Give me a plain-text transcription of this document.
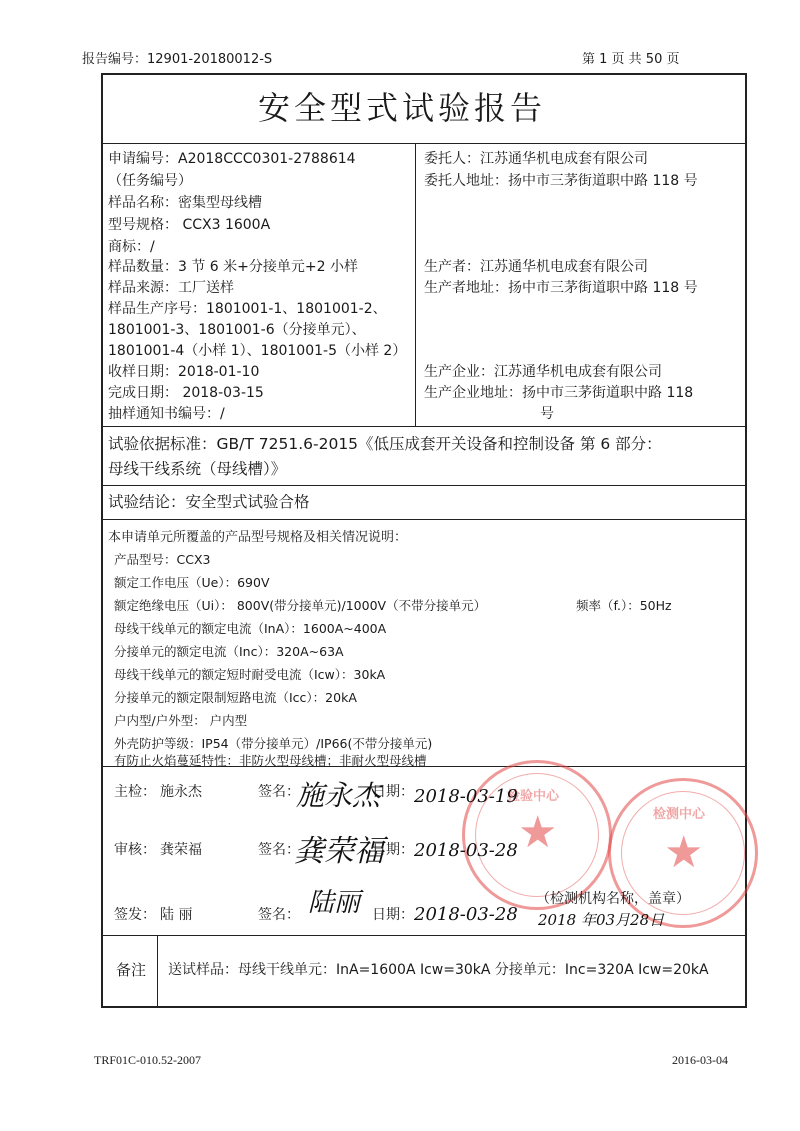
报告编号：12901-20180012-S	第 1 页 共 50 页
安全型式试验报告
申请编号：A2018CCC0301-2788614
（任务编号）
样品名称：密集型母线槽
型号规格： CCX3 1600A
商标：/
样品数量：3 节 6 米+分接单元+2 小样
样品来源：工厂送样
样品生产序号：1801001-1、1801001-2、
1801001-3、1801001-6（分接单元）、
1801001-4（小样 1）、1801001-5（小样 2）
收样日期：2018-01-10
完成日期： 2018-03-15
抽样通知书编号：/
委托人：江苏通华机电成套有限公司
委托人地址：扬中市三茅街道职中路 118 号
生产者：江苏通华机电成套有限公司
生产者地址：扬中市三茅街道职中路 118 号
生产企业：江苏通华机电成套有限公司
生产企业地址：扬中市三茅街道职中路 118
号
试验依据标准：GB/T 7251.6-2015《低压成套开关设备和控制设备 第 6 部分：
母线干线系统（母线槽）》
试验结论：安全型式试验合格
本申请单元所覆盖的产品型号规格及相关情况说明：
产品型号：CCX3
额定工作电压（Ue）：690V
额定绝缘电压（Ui）： 800V(带分接单元)/1000V（不带分接单元）	频率（f.）：50Hz
母线干线单元的额定电流（InA）：1600A~400A
分接单元的额定电流（Inc）：320A~63A
母线干线单元的额定短时耐受电流（Icw）：30kA
分接单元的额定限制短路电流（Icc）：20kA
户内型/户外型： 户内型
外壳防护等级：IP54（带分接单元）/IP66(不带分接单元)
有防止火焰蔓延特性：非防火型母线槽；非耐火型母线槽
★
检验中心
★
检测中心
主检： 施永杰	签名：
施永杰
日期： 2018-03-19
审核： 龚荣福	签名：
龚荣福
日期： 2018-03-28
签发： 陆 丽	签名： 陆丽 日期： 2018-03-28
（检测机构名称，盖章）
2018 年03月28日
备注 送试样品：母线干线单元：InA=1600A Icw=30kA 分接单元：Inc=320A Icw=20kA
TRF01C-010.52-2007	2016-03-04
